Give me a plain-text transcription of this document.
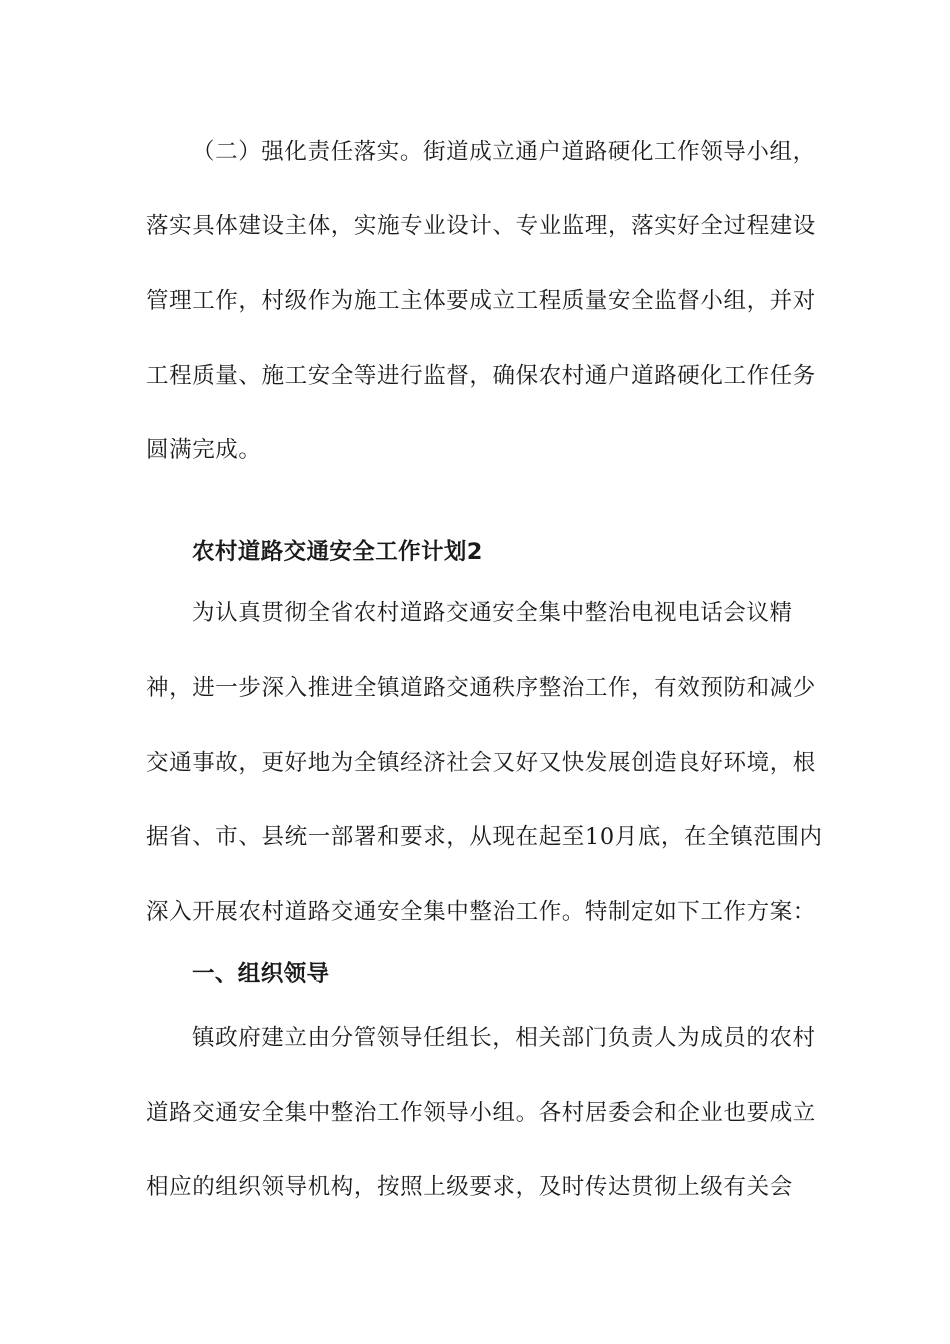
（二）强化责任落实。街道成立通户道路硬化工作领导小组，
落实具体建设主体，实施专业设计、专业监理，落实好全过程建设
管理工作，村级作为施工主体要成立工程质量安全监督小组，并对
工程质量、施工安全等进行监督，确保农村通户道路硬化工作任务
圆满完成。
农村道路交通安全工作计划2
为认真贯彻全省农村道路交通安全集中整治电视电话会议精
神，进一步深入推进全镇道路交通秩序整治工作，有效预防和减少
交通事故，更好地为全镇经济社会又好又快发展创造良好环境，根
据省、市、县统一部署和要求，从现在起至10月底，在全镇范围内
深入开展农村道路交通安全集中整治工作。特制定如下工作方案：
一、组织领导
镇政府建立由分管领导任组长，相关部门负责人为成员的农村
道路交通安全集中整治工作领导小组。各村居委会和企业也要成立
相应的组织领导机构，按照上级要求，及时传达贯彻上级有关会
